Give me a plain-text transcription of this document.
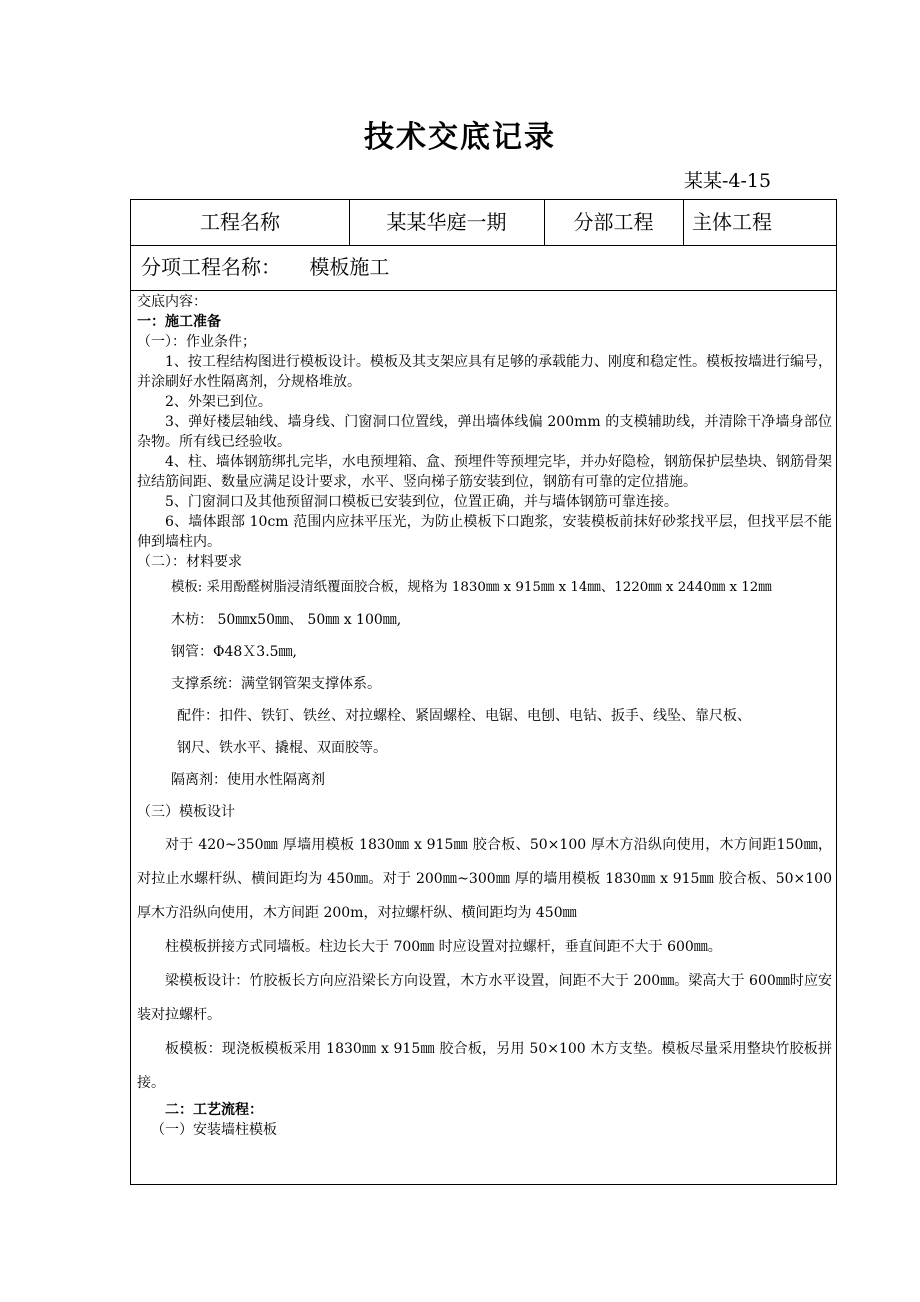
技术交底记录
某某-4-15
工程名称	某某华庭一期	分部工程	主体工程
分项工程名称： 模板施工

交底内容：

一：施工准备

（一）：作业条件；

1、按工程结构图进行模板设计。模板及其支架应具有足够的承载能力、刚度和稳定性。模板按墙进行编号，并涂刷好水性隔离剂，分规格堆放。

2、外架已到位。

3、弹好楼层轴线、墙身线、门窗洞口位置线，弹出墙体线偏 200mm 的支模辅助线，并清除干净墙身部位杂物。所有线已经验收。

4、柱、墙体钢筋绑扎完毕，水电预埋箱、盒、预埋件等预埋完毕，并办好隐检，钢筋保护层垫块、钢筋骨架拉结筋间距、数量应满足设计要求，水平、竖向梯子筋安装到位，钢筋有可靠的定位措施。

5、门窗洞口及其他预留洞口模板已安装到位，位置正确，并与墙体钢筋可靠连接。

6、墙体跟部 10cm 范围内应抹平压光，为防止模板下口跑浆，安装模板前抹好砂浆找平层，但找平层不能伸到墙柱内。

（二）：材料要求

模板: 采用酚醛树脂浸清纸覆面胶合板，规格为 1830㎜ x 915㎜ x 14㎜、1220㎜ x 2440㎜ x 12㎜

木枋： 50㎜x50㎜、 50㎜ x 100㎜,

钢管：Φ48Ｘ3.5㎜,

支撑系统：满堂钢管架支撑体系。

配件：扣件、铁钉、铁丝、对拉螺栓、紧固螺栓、电锯、电刨、电钻、扳手、线坠、靠尺板、

钢尺、铁水平、撬棍、双面胶等。

隔离剂：使用水性隔离剂

（三）模板设计

对于 420~350㎜ 厚墙用模板 1830㎜ x 915㎜ 胶合板、50×100 厚木方沿纵向使用，木方间距150㎜，对拉止水螺杆纵、横间距均为 450㎜。对于 200㎜~300㎜ 厚的墙用模板 1830㎜ x 915㎜ 胶合板、50×100 厚木方沿纵向使用，木方间距 200m，对拉螺杆纵、横间距均为 450㎜

柱模板拼接方式同墙板。柱边长大于 700㎜ 时应设置对拉螺杆，垂直间距不大于 600㎜。

梁模板设计：竹胶板长方向应沿梁长方向设置，木方水平设置，间距不大于 200㎜。梁高大于 600㎜时应安装对拉螺杆。

板模板：现浇板模板采用 1830㎜ x 915㎜ 胶合板，另用 50×100 木方支垫。模板尽量采用整块竹胶板拼接。

二：工艺流程：

（一）安装墙柱模板
